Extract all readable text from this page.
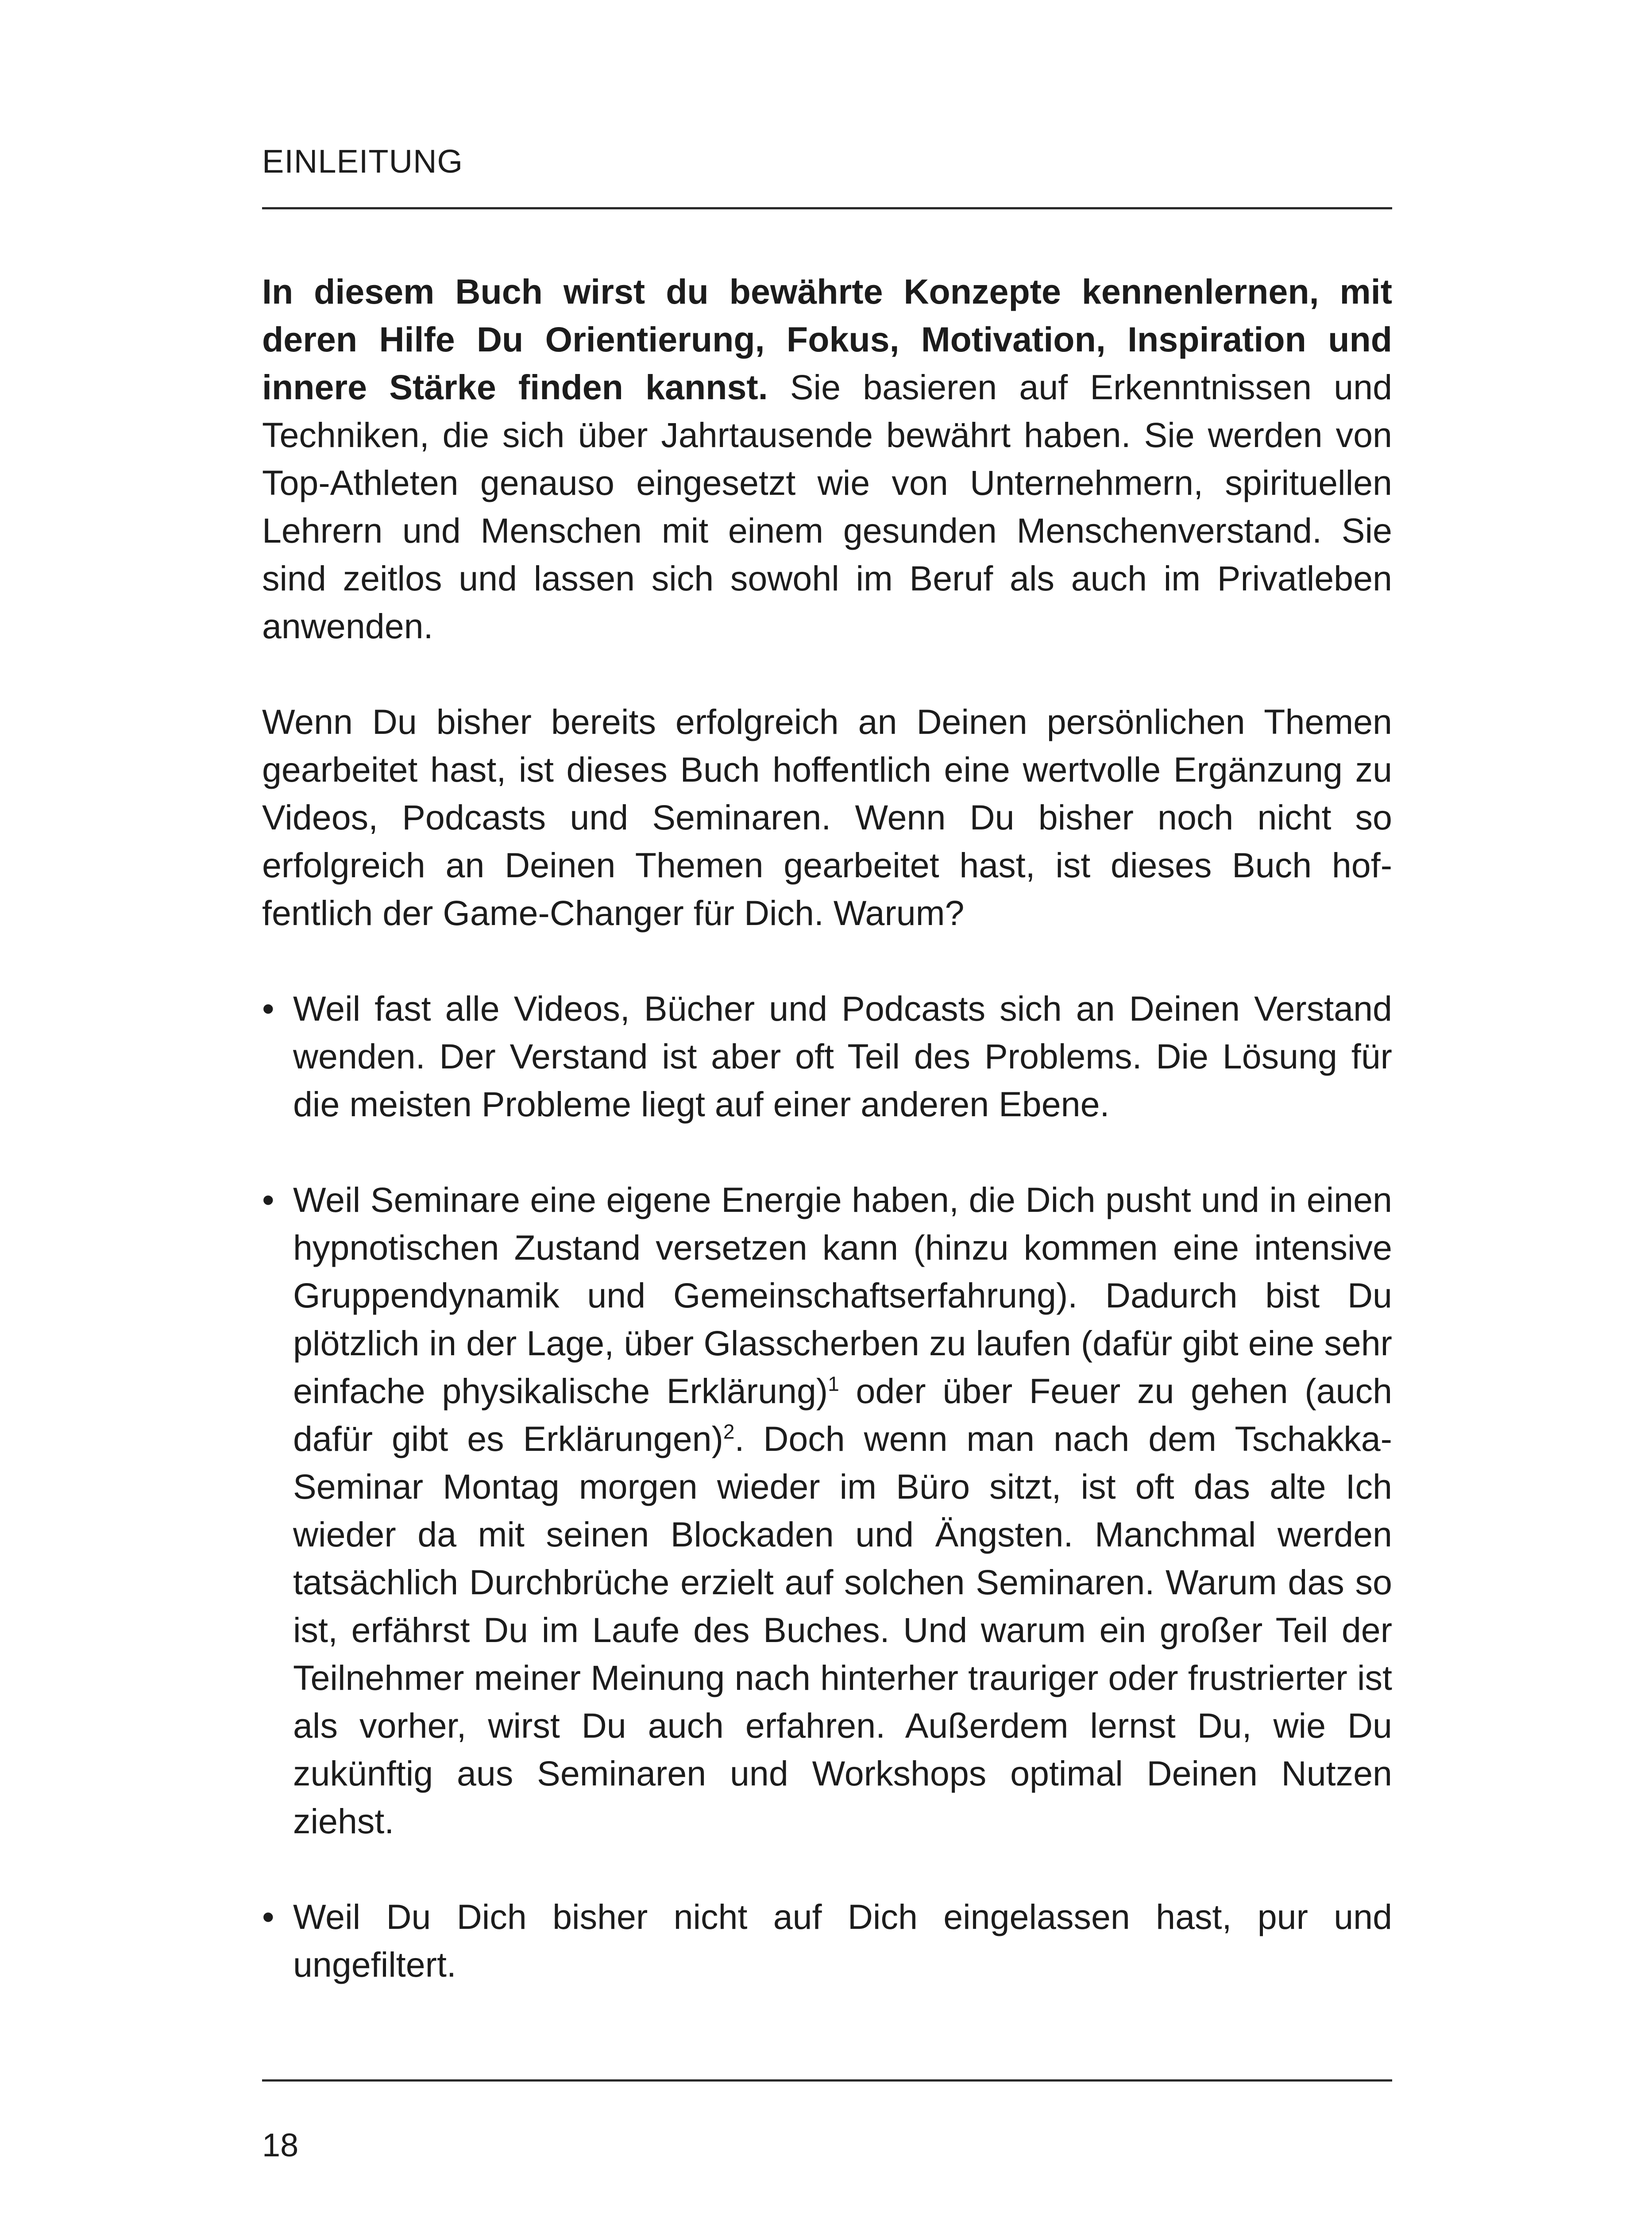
EINLEITUNG

In diesem Buch wirst du bewährte Konzepte kennenlernen, mit deren Hilfe Du Orientierung, Fokus, Motivation, Inspiration und innere Stärke finden kannst. Sie basieren auf Erkenntnissen und Techniken, die sich über Jahrtausende bewährt haben. Sie werden von Top-Athleten genauso eingesetzt wie von Unternehmern, spirituellen Lehrern und Menschen mit einem gesunden Menschenverstand. Sie sind zeitlos und lassen sich sowohl im Beruf als auch im Privatleben anwenden.

Wenn Du bisher bereits erfolgreich an Deinen persönlichen Themen gearbeitet hast, ist dieses Buch hoffentlich eine wertvolle Ergänzung zu Videos, Podcasts und Seminaren. Wenn Du bisher noch nicht so erfolgreich an Deinen Themen gearbeitet hast, ist dieses Buch hoffentlich der Game-Changer für Dich. Warum?

• Weil fast alle Videos, Bücher und Podcasts sich an Deinen Verstand wenden. Der Verstand ist aber oft Teil des Problems. Die Lösung für die meisten Probleme liegt auf einer anderen Ebene.
• Weil Seminare eine eigene Energie haben, die Dich pusht und in einen hypnotischen Zustand versetzen kann (hinzu kommen eine intensive Gruppendynamik und Gemeinschaftserfahrung). Dadurch bist Du plötzlich in der Lage, über Glasscherben zu laufen (dafür gibt eine sehr einfache physikalische Erklärung)$^1$ oder über Feuer zu gehen (auch dafür gibt es Erklärungen)$^2$. Doch wenn man nach dem Tschakka-Seminar Montag morgen wieder im Büro sitzt, ist oft das alte Ich wieder da mit seinen Blockaden und Ängsten. Manchmal werden tatsächlich Durchbrüche erzielt auf solchen Seminaren. Warum das so ist, erfährst Du im Laufe des Buches. Und warum ein großer Teil der Teilnehmer meiner Meinung nach hinterher trauriger oder frustrierter ist als vorher, wirst Du auch erfahren. Außerdem lernst Du, wie Du zukünftig aus Seminaren und Workshops optimal Deinen Nutzen ziehst.
• Weil Du Dich bisher nicht auf Dich eingelassen hast, pur und ungefiltert.
18
